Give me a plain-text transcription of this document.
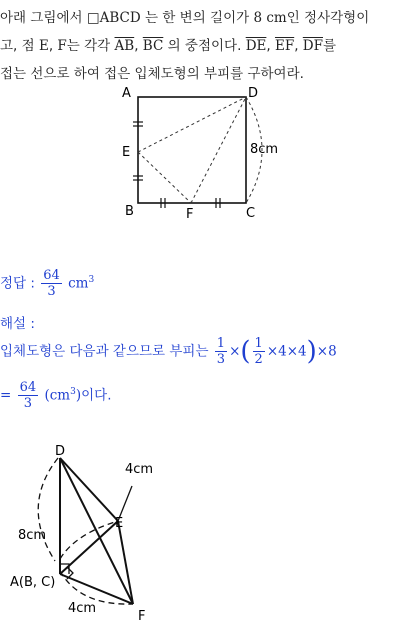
아래 그림에서 □ABCD 는 한 변의 길이가 8 cm인 정사각형이
고, 점 E, F는 각각 $\overline{AB}$, $\overline{BC}$ 의 중점이다. $\overline{DE}$, $\overline{EF}$, $\overline{DF}$를
접는 선으로 하여 접은 입체도형의 부피를 구하여라.
A	D
E
B	F	C
8cm
정답 : $\frac{64}{3} cm^3$
해설 :
입체도형은 다음과 같으므로 부피는 $\frac{1}{3}$ ×( $\frac{1}{2} \times 4\times 4)\times 8$
= $\frac{64}{3} (cm^3)$이다.
D
4cm
E
8cm
A(B, C)
4cm
F
